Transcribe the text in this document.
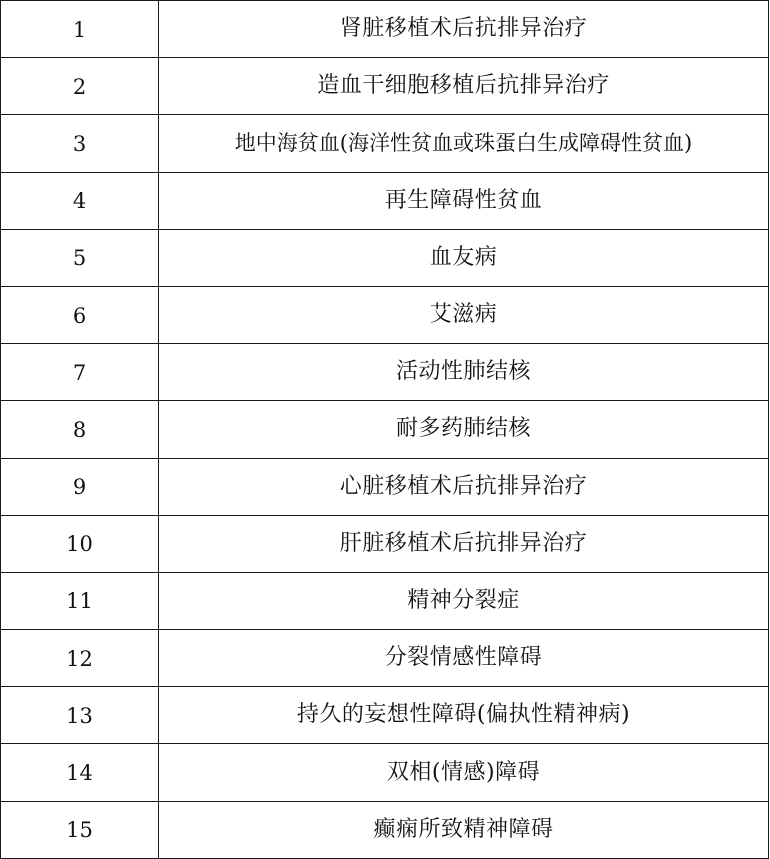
1	肾脏移植术后抗排异治疗
2	造血干细胞移植后抗排异治疗
3	地中海贫血(海洋性贫血或珠蛋白生成障碍性贫血)
4	再生障碍性贫血
5	血友病
6	艾滋病
7	活动性肺结核
8	耐多药肺结核
9	心脏移植术后抗排异治疗
10	肝脏移植术后抗排异治疗
11	精神分裂症
12	分裂情感性障碍
13	持久的妄想性障碍(偏执性精神病)
14	双相(情感)障碍
15	癫痫所致精神障碍
